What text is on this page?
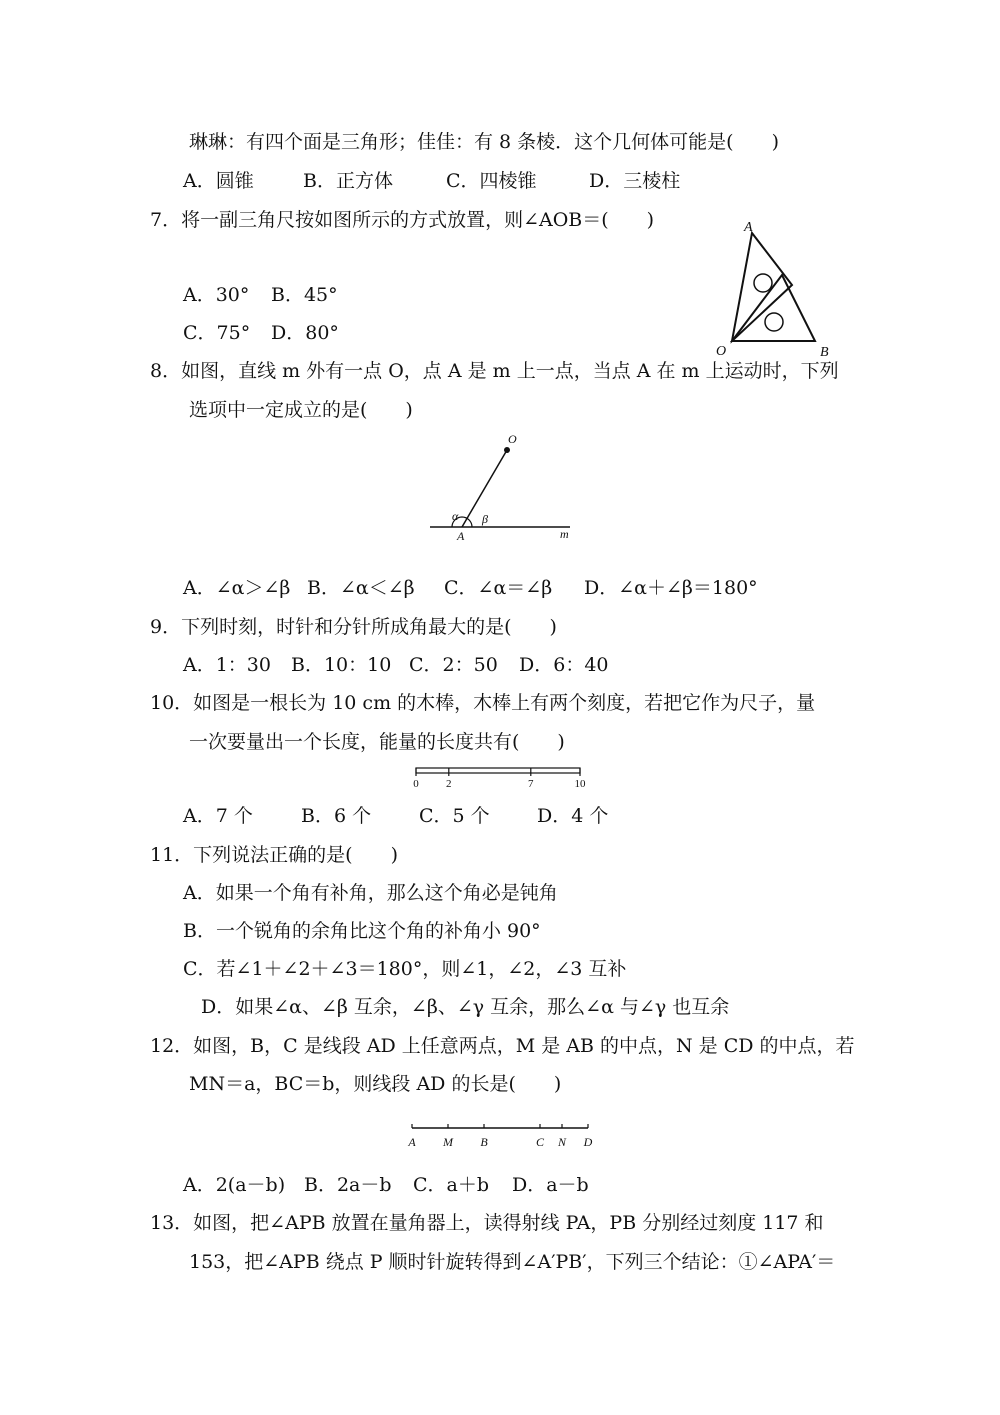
琳琳：有四个面是三角形；佳佳：有 8 条棱．这个几何体可能是(　　)
A．圆锥	B．正方体	C．四棱锥	D．三棱柱
7．将一副三角尺按如图所示的方式放置，则∠AOB＝(　　)
A．30° B．45°
C．75° D．80°
A
O	B
8．如图，直线 m 外有一点 O，点 A 是 m 上一点，当点 A 在 m 上运动时，下列
选项中一定成立的是(　　)
O
α β
A	m
A．∠α＞∠β B．∠α＜∠β C．∠α＝∠β D．∠α＋∠β＝180°
9．下列时刻，时针和分针所成角最大的是(　　)
A．1：30 B．10：10 C．2：50 D．6：40
10．如图是一根长为 10 cm 的木棒，木棒上有两个刻度，若把它作为尺子，量
一次要量出一个长度，能量的长度共有(　　)
0 2	7	10
A．7 个	B．6 个	C．5 个 D．4 个
11．下列说法正确的是(　　)
A．如果一个角有补角，那么这个角必是钝角
B．一个锐角的余角比这个角的补角小 90°
C．若∠1＋∠2＋∠3＝180°，则∠1，∠2，∠3 互补
D．如果∠α、∠β 互余，∠β、∠γ 互余，那么∠α 与∠γ 也互余
12．如图，B，C 是线段 AD 上任意两点，M 是 AB 的中点，N 是 CD 的中点，若
MN＝a，BC＝b，则线段 AD 的长是(　　)
A M B	C N D
A．2(a－b) B．2a－b C．a＋b D．a－b
13．如图，把∠APB 放置在量角器上，读得射线 PA，PB 分别经过刻度 117 和
153，把∠APB 绕点 P 顺时针旋转得到∠A′PB′，下列三个结论：①∠APA′＝
